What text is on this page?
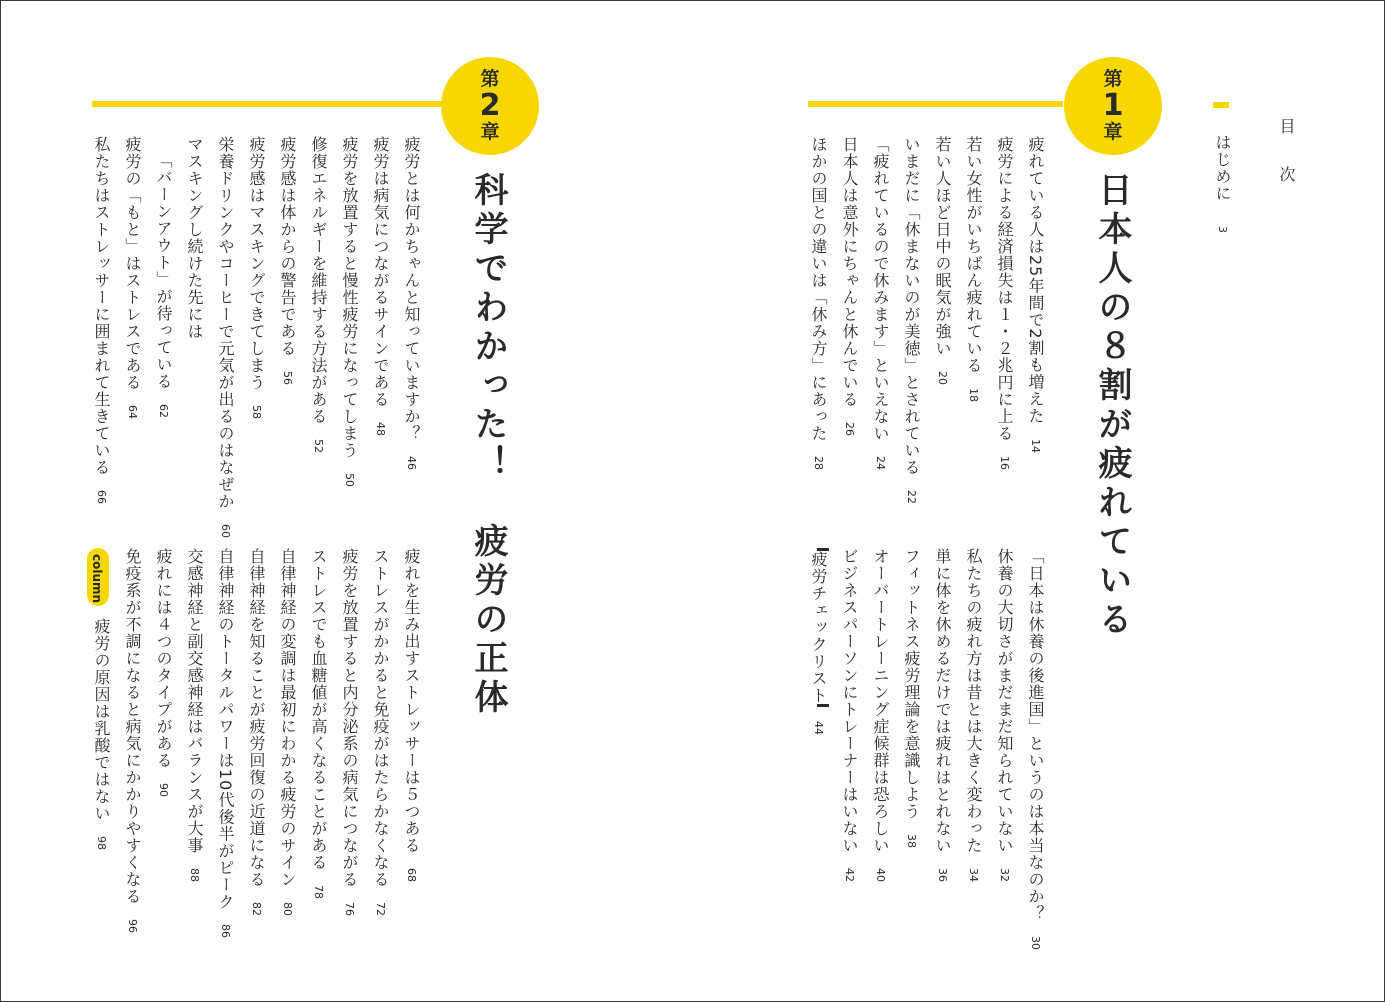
目　次
はじめに 3
第
1
章
日本人の８割が疲れている
疲れている人は25年間で2割も増えた14
疲労による経済損失は１・２兆円に上る16
若い女性がいちばん疲れている18
若い人ほど日中の眠気が強い20
いまだに「休まないのが美徳」とされている22
「疲れているので休みます」といえない24
日本人は意外にちゃんと休んでいる26
ほかの国との違いは「休み方」にあった28
「日本は休養の後進国」というのは本当なのか？30
休養の大切さがまだまだ知られていない32
私たちの疲れ方は昔とは大きく変わった34
単に体を休めるだけでは疲れはとれない36
フィットネス疲労理論を意識しよう38
オーバートレーニング症候群は恐ろしい40
ビジネスパーソンにトレーナーはいない42
疲労チェックリスト44
第
2
章
科学でわかった！　疲労の正体
疲労とは何かちゃんと知っていますか？46
疲労は病気につながるサインである48
疲労を放置すると慢性疲労になってしまう50
修復エネルギーを維持する方法がある52
疲労感は体からの警告である56
疲労感はマスキングできてしまう58
栄養ドリンクやコーヒーで元気が出るのはなぜか60
マスキングし続けた先には
「バーンアウト」が待っている62
疲労の「もと」はストレスである64
私たちはストレッサーに囲まれて生きている66
疲れを生み出すストレッサーは５つある68
ストレスがかかると免疫がはたらかなくなる72
疲労を放置すると内分泌系の病気につながる76
ストレスでも血糖値が高くなることがある78
自律神経の変調は最初にわかる疲労のサイン80
自律神経を知ることが疲労回復の近道になる82
自律神経のトータルパワーは10代後半がピーク86
交感神経と副交感神経はバランスが大事88
疲れには４つのタイプがある90
免疫系が不調になると病気にかかりやすくなる96
column
疲労の原因は乳酸ではない98
